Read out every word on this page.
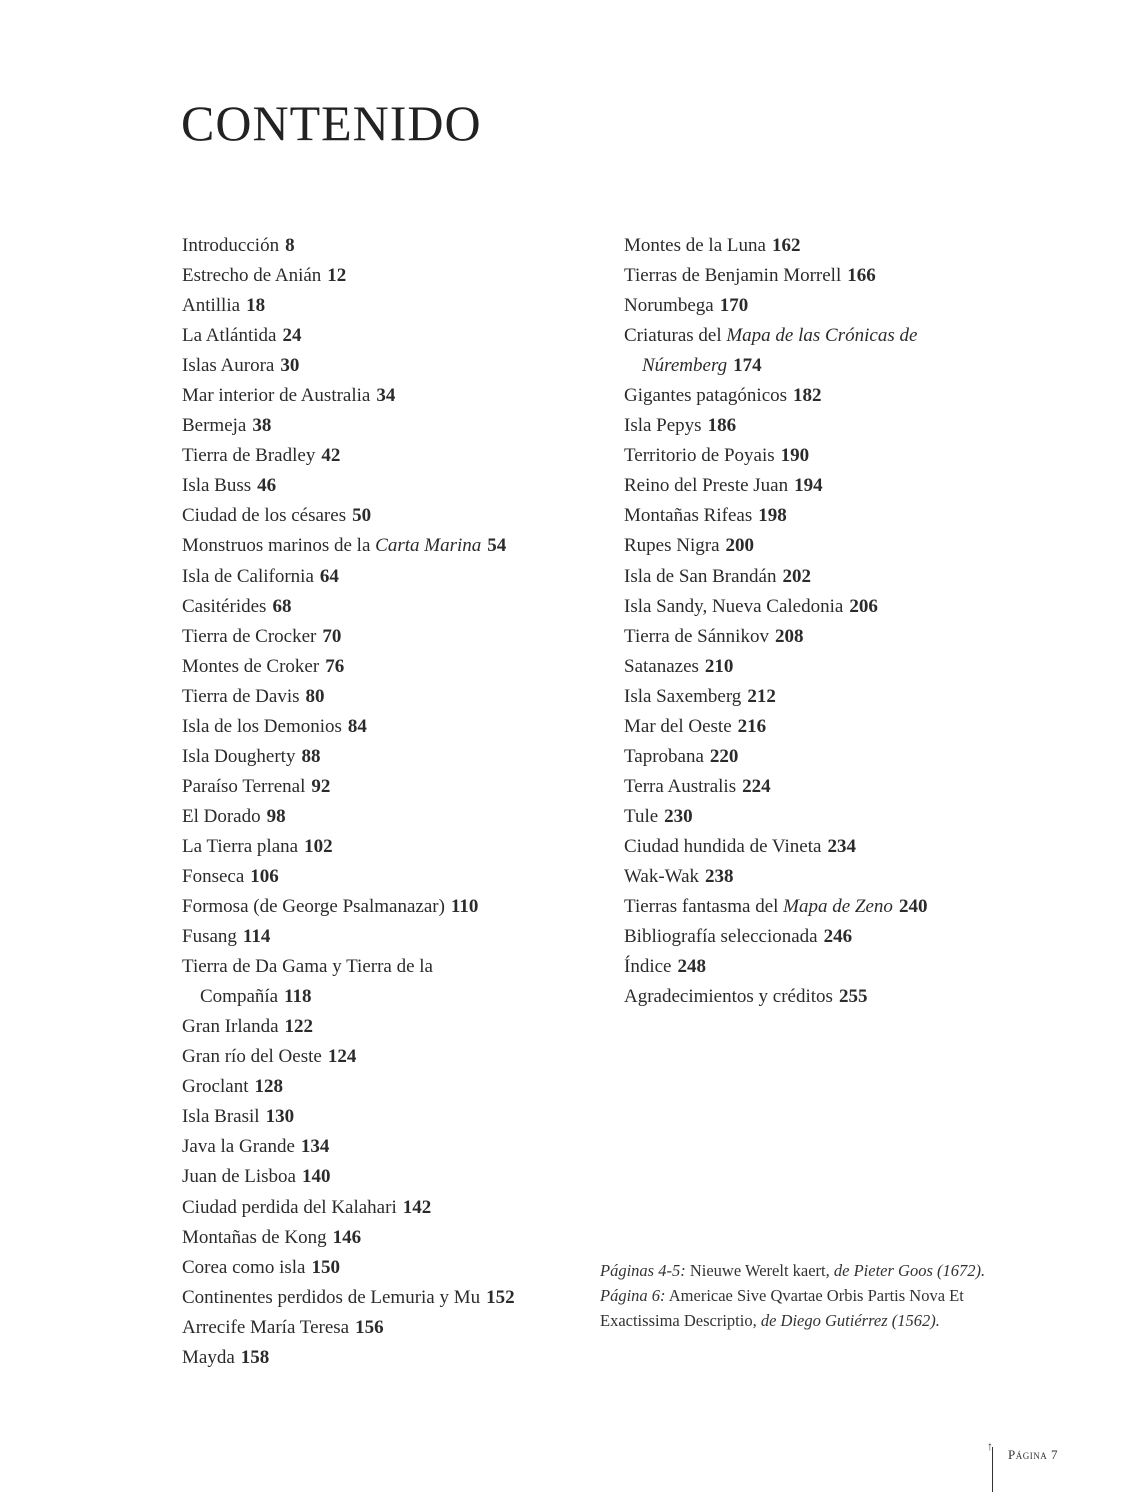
CONTENIDO
Introducción 8
Estrecho de Anián 12
Antillia 18
La Atlántida 24
Islas Aurora 30
Mar interior de Australia 34
Bermeja 38
Tierra de Bradley 42
Isla Buss 46
Ciudad de los césares 50
Monstruos marinos de la Carta Marina 54
Isla de California 64
Casitérides 68
Tierra de Crocker 70
Montes de Croker 76
Tierra de Davis 80
Isla de los Demonios 84
Isla Dougherty 88
Paraíso Terrenal 92
El Dorado 98
La Tierra plana 102
Fonseca 106
Formosa (de George Psalmanazar) 110
Fusang 114
Tierra de Da Gama y Tierra de la
Compañía 118
Gran Irlanda 122
Gran río del Oeste 124
Groclant 128
Isla Brasil 130
Java la Grande 134
Juan de Lisboa 140
Ciudad perdida del Kalahari 142
Montañas de Kong 146
Corea como isla 150
Continentes perdidos de Lemuria y Mu 152
Arrecife María Teresa 156
Mayda 158
Montes de la Luna 162
Tierras de Benjamin Morrell 166
Norumbega 170
Criaturas del Mapa de las Crónicas de
Núremberg 174
Gigantes patagónicos 182
Isla Pepys 186
Territorio de Poyais 190
Reino del Preste Juan 194
Montañas Rifeas 198
Rupes Nigra 200
Isla de San Brandán 202
Isla Sandy, Nueva Caledonia 206
Tierra de Sánnikov 208
Satanazes 210
Isla Saxemberg 212
Mar del Oeste 216
Taprobana 220
Terra Australis 224
Tule 230
Ciudad hundida de Vineta 234
Wak-Wak 238
Tierras fantasma del Mapa de Zeno 240
Bibliografía seleccionada 246
Índice 248
Agradecimientos y créditos 255

Páginas 4-5: Nieuwe Werelt kaert, de Pieter Goos (1672).

Página 6: Americae Sive Qvartae Orbis Partis Nova Et Exactissima Descriptio, de Diego Gutiérrez (1562).

↑
Página 7
